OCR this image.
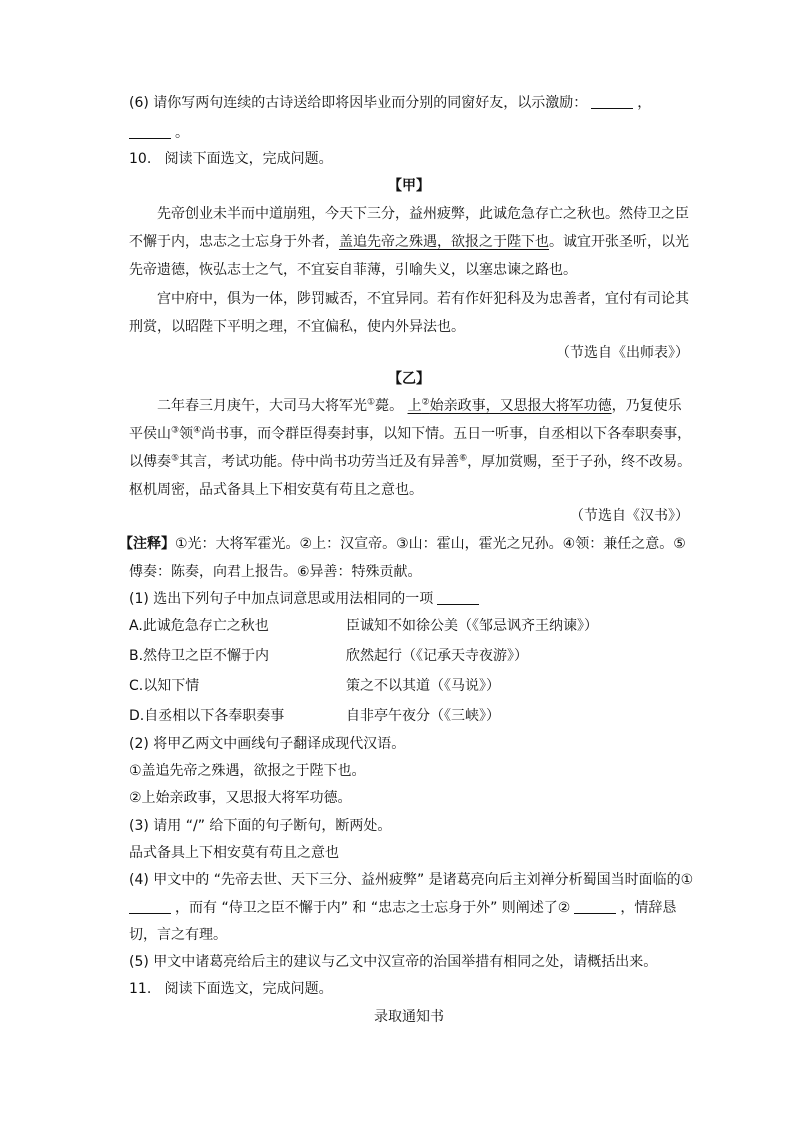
(6) 请你写两句连续的古诗送给即将因毕业而分别的同窗好友，以示激励：	，
。
10.   阅读下面选文，完成问题。
【甲】
先帝创业未半而中道崩殂，今天下三分，益州疲弊，此诚危急存亡之秋也。然侍卫之臣
不懈于内，忠志之士忘身于外者，盖追先帝之殊遇，欲报之于陛下也。诚宜开张圣听，以光
先帝遗德，恢弘志士之气，不宜妄自菲薄，引喻失义，以塞忠谏之路也。
宫中府中，俱为一体，陟罚臧否，不宜异同。若有作奸犯科及为忠善者，宜付有司论其
刑赏，以昭陛下平明之理，不宜偏私，使内外异法也。
（节选自《出师表》）
【乙】
二年春三月庚午，大司马大将军光①薨。 上②始亲政事，又思报大将军功德，乃复使乐
平侯山③领④尚书事，而令群臣得奏封事，以知下情。五日一听事，自丞相以下各奉职奏事，
以傅奏⑤其言，考试功能。侍中尚书功劳当迁及有异善⑥，厚加赏赐，至于子孙，终不改易。
枢机周密，品式备具上下相安莫有苟且之意也。
（节选自《汉书》）
【注释】①光：大将军霍光。②上：汉宣帝。③山：霍山，霍光之兄孙。④领：兼任之意。⑤
傅奏：陈奏，向君上报告。⑥异善：特殊贡献。
(1) 选出下列句子中加点词意思或用法相同的一项
A.此诚危急存亡之秋也	臣诚知不如徐公美（《邹忌讽齐王纳谏》）
B.然侍卫之臣不懈于内	欣然起行（《记承天寺夜游》）
C.以知下情	策之不以其道（《马说》）
D.自丞相以下各奉职奏事	自非亭午夜分（《三峡》）
(2) 将甲乙两文中画线句子翻译成现代汉语。
①盖追先帝之殊遇，欲报之于陛下也。
②上始亲政事，又思报大将军功德。
(3) 请用 “/” 给下面的句子断句，断两处。
品式备具上下相安莫有苟且之意也
(4) 甲文中的 “先帝去世、天下三分、益州疲弊” 是诸葛亮向后主刘禅分析蜀国当时面临的①
，而有 “侍卫之臣不懈于内” 和 “忠志之士忘身于外” 则阐述了②	，情辞恳
切，言之有理。
(5) 甲文中诸葛亮给后主的建议与乙文中汉宣帝的治国举措有相同之处，请概括出来。
11.   阅读下面选文，完成问题。
录取通知书
